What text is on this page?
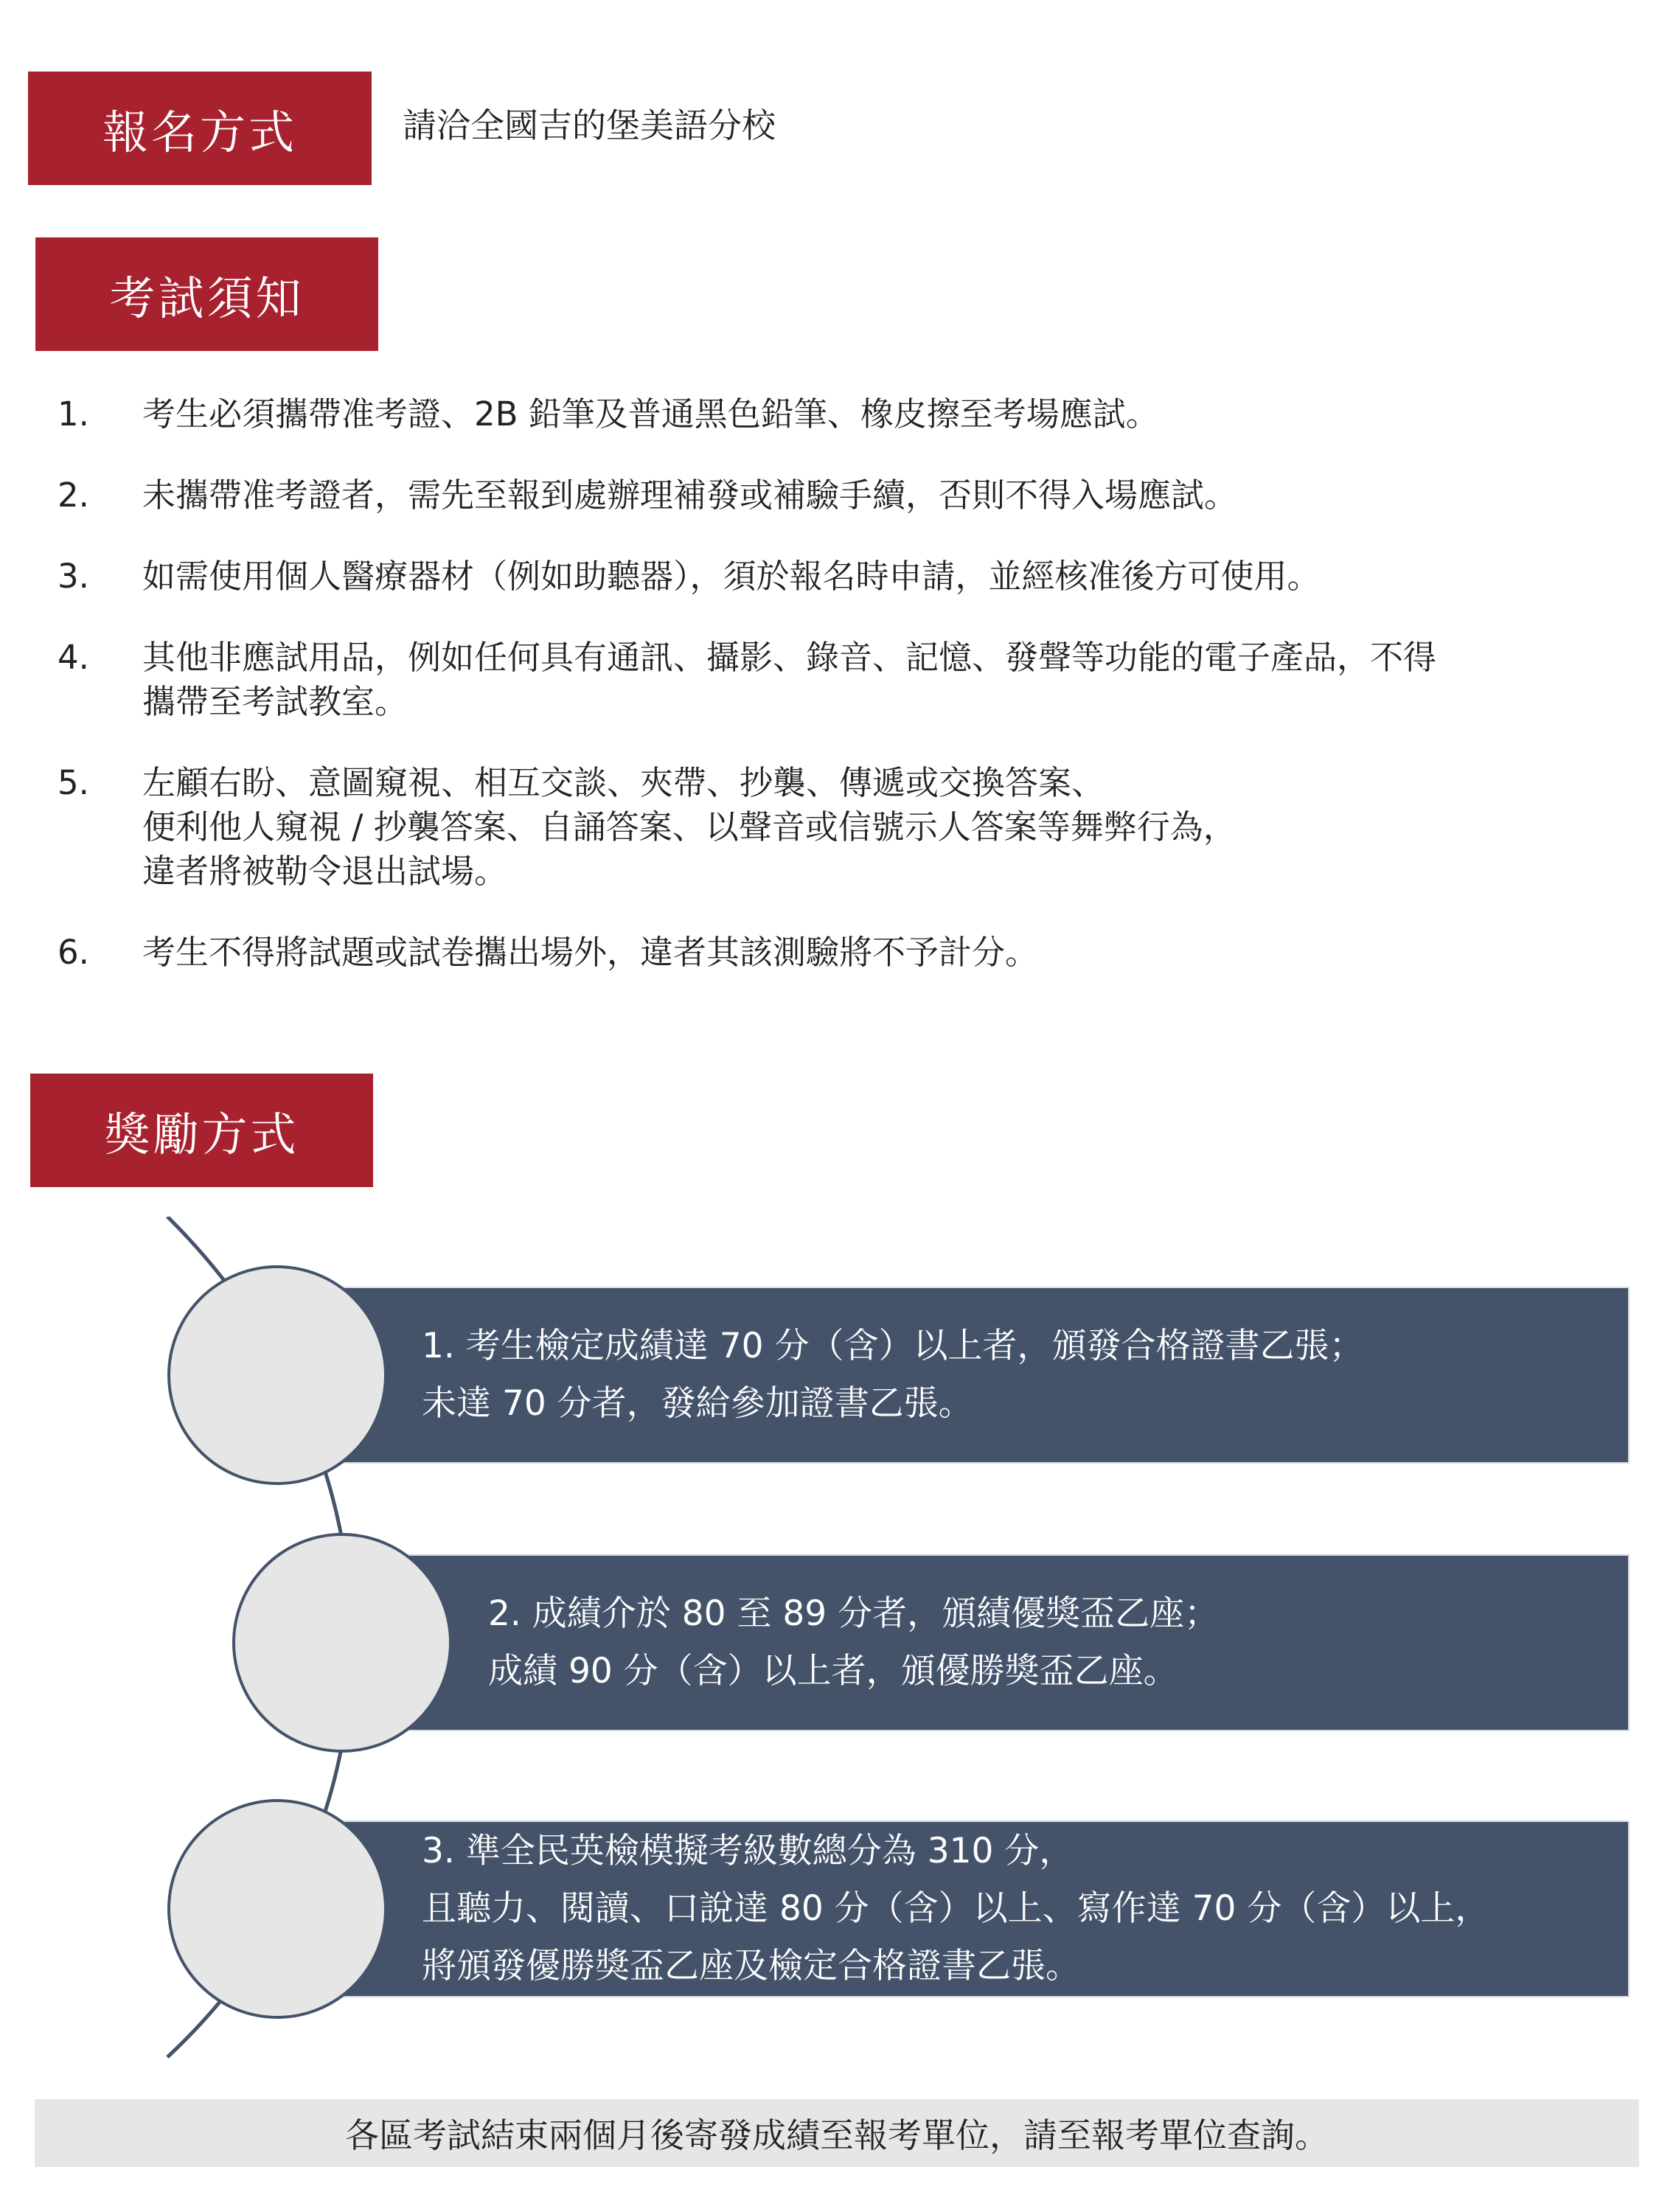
報名方式	請洽全國吉的堡美語分校
考試須知
1.	考生必須攜帶准考證、2B 鉛筆及普通黑色鉛筆、橡皮擦至考場應試。
2.	未攜帶准考證者，需先至報到處辦理補發或補驗手續，否則不得入場應試。
3.	如需使用個人醫療器材（例如助聽器），須於報名時申請，並經核准後方可使用。
4.	其他非應試用品，例如任何具有通訊、攝影、錄音、記憶、發聲等功能的電子產品，不得
攜帶至考試教室。
5.	左顧右盼、意圖窺視、相互交談、夾帶、抄襲、傳遞或交換答案、
便利他人窺視 / 抄襲答案、自誦答案、以聲音或信號示人答案等舞弊行為，
違者將被勒令退出試場。
6.	考生不得將試題或試卷攜出場外，違者其該測驗將不予計分。
獎勵方式
1. 考生檢定成績達 70 分（含）以上者，頒發合格證書乙張；
未達 70 分者，發給參加證書乙張。
2. 成績介於 80 至 89 分者，頒績優獎盃乙座；
成績 90 分（含）以上者，頒優勝獎盃乙座。
3. 準全民英檢模擬考級數總分為 310 分，
且聽力、閱讀、口說達 80 分（含）以上、寫作達 70 分（含）以上，
將頒發優勝獎盃乙座及檢定合格證書乙張。
各區考試結束兩個月後寄發成績至報考單位，請至報考單位查詢。
